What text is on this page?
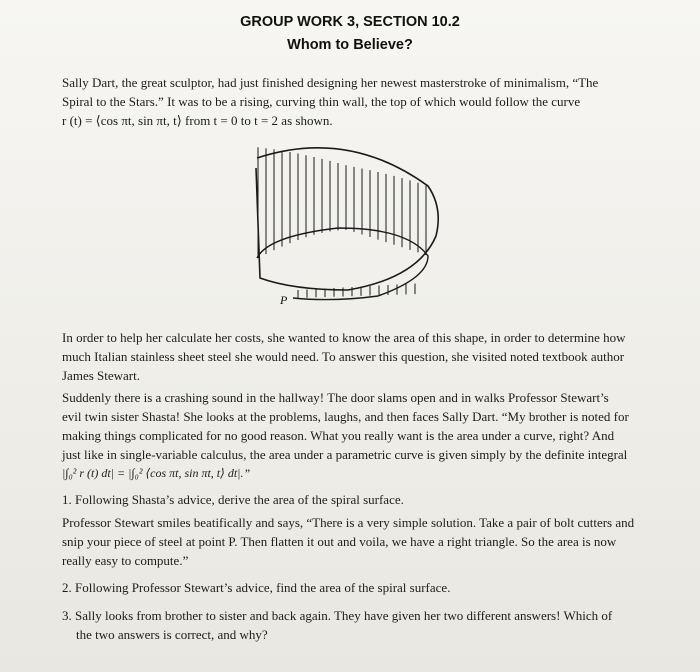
GROUP WORK 3, SECTION 10.2
Whom to Believe?
Sally Dart, the great sculptor, had just finished designing her newest masterstroke of minimalism, “The
Spiral to the Stars.” It was to be a rising, curving thin wall, the top of which would follow the curve
r (t) = ⟨cos πt, sin πt, t⟩ from t = 0 to t = 2 as shown.
P
In order to help her calculate her costs, she wanted to know the area of this shape, in order to determine how
much Italian stainless sheet steel she would need. To answer this question, she visited noted textbook author
James Stewart.
Suddenly there is a crashing sound in the hallway! The door slams open and in walks Professor Stewart’s
evil twin sister Shasta! She looks at the problems, laughs, and then faces Sally Dart. “My brother is noted for
making things complicated for no good reason. What you really want is the area under a curve, right? And
just like in single-variable calculus, the area under a parametric curve is given simply by the definite integral
|∫₀² r (t) dt| = |∫₀² ⟨cos πt, sin πt, t⟩ dt|.”
1. Following Shasta’s advice, derive the area of the spiral surface.
Professor Stewart smiles beatifically and says, “There is a very simple solution. Take a pair of bolt cutters and
snip your piece of steel at point P. Then flatten it out and voila, we have a right triangle. So the area is now
really easy to compute.”
2. Following Professor Stewart’s advice, find the area of the spiral surface.
3. Sally looks from brother to sister and back again. They have given her two different answers! Which of
the two answers is correct, and why?
